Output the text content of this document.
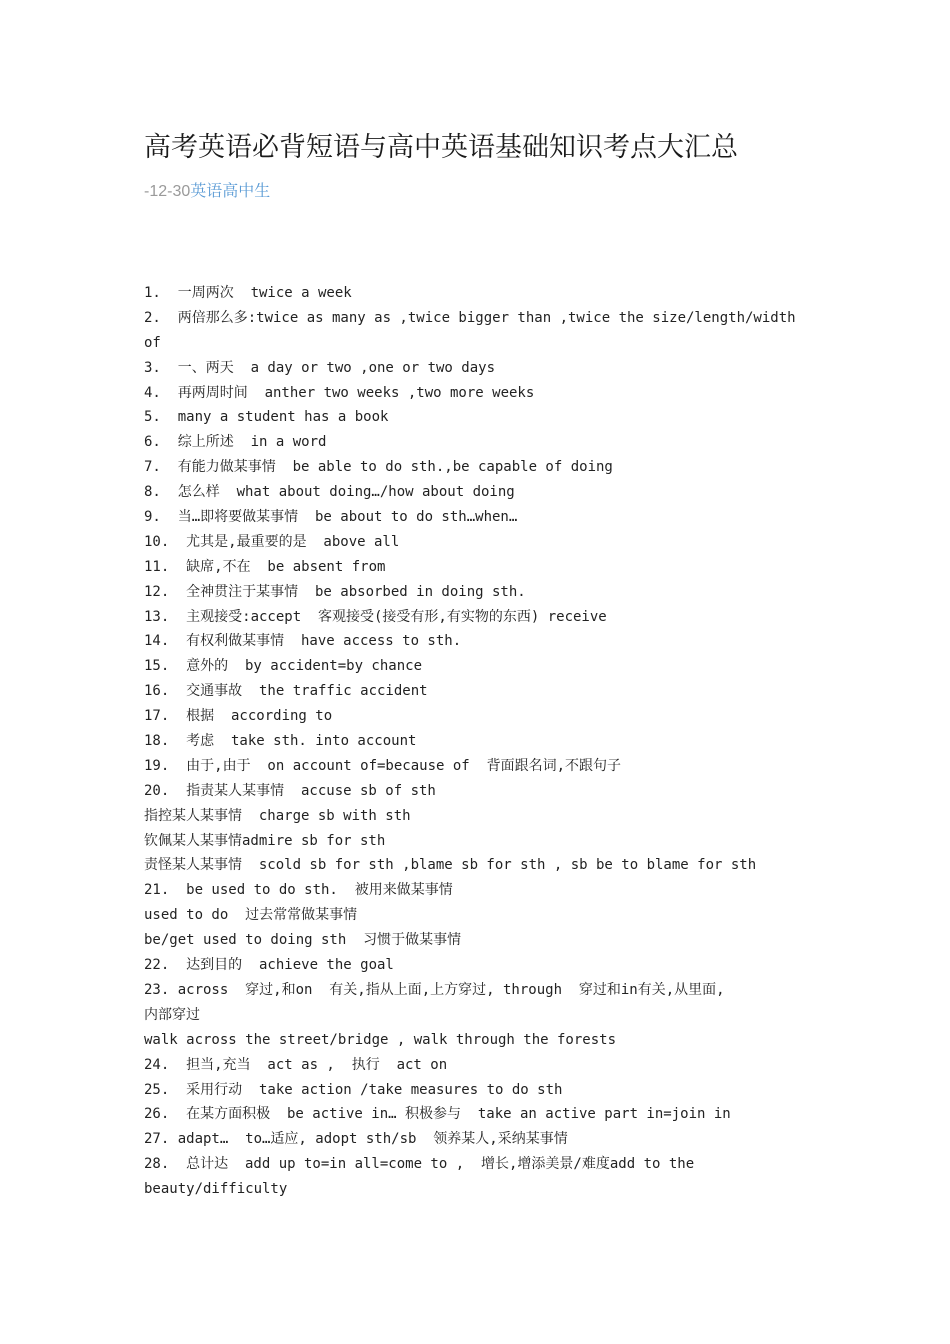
高考英语必背短语与高中英语基础知识考点大汇总
-12-30英语高中生
1.  一周两次  twice a week
2.  两倍那么多:twice as many as ,twice bigger than ,twice the size/length/width
of
3.  一、两天  a day or two ,one or two days
4.  再两周时间  anther two weeks ,two more weeks
5.  many a student has a book
6.  综上所述  in a word
7.  有能力做某事情  be able to do sth.,be capable of doing
8.  怎么样  what about doing…/how about doing
9.  当…即将要做某事情  be about to do sth…when…
10.  尤其是,最重要的是  above all
11.  缺席,不在  be absent from
12.  全神贯注于某事情  be absorbed in doing sth.
13.  主观接受:accept  客观接受(接受有形,有实物的东西) receive
14.  有权利做某事情  have access to sth.
15.  意外的  by accident=by chance
16.  交通事故  the traffic accident
17.  根据  according to
18.  考虑  take sth. into account
19.  由于,由于  on account of=because of  背面跟名词,不跟句子
20.  指责某人某事情  accuse sb of sth
指控某人某事情  charge sb with sth
钦佩某人某事情admire sb for sth
责怪某人某事情  scold sb for sth ,blame sb for sth , sb be to blame for sth
21.  be used to do sth.  被用来做某事情
used to do  过去常常做某事情
be/get used to doing sth  习惯于做某事情
22.  达到目的  achieve the goal
23. across  穿过,和on  有关,指从上面,上方穿过, through  穿过和in有关,从里面,
内部穿过
walk across the street/bridge , walk through the forests
24.  担当,充当  act as ,  执行  act on
25.  采用行动  take action /take measures to do sth
26.  在某方面积极  be active in… 积极参与  take an active part in=join in
27. adapt…  to…适应, adopt sth/sb  领养某人,采纳某事情
28.  总计达  add up to=in all=come to ,  增长,增添美景/难度add to the
beauty/difficulty
